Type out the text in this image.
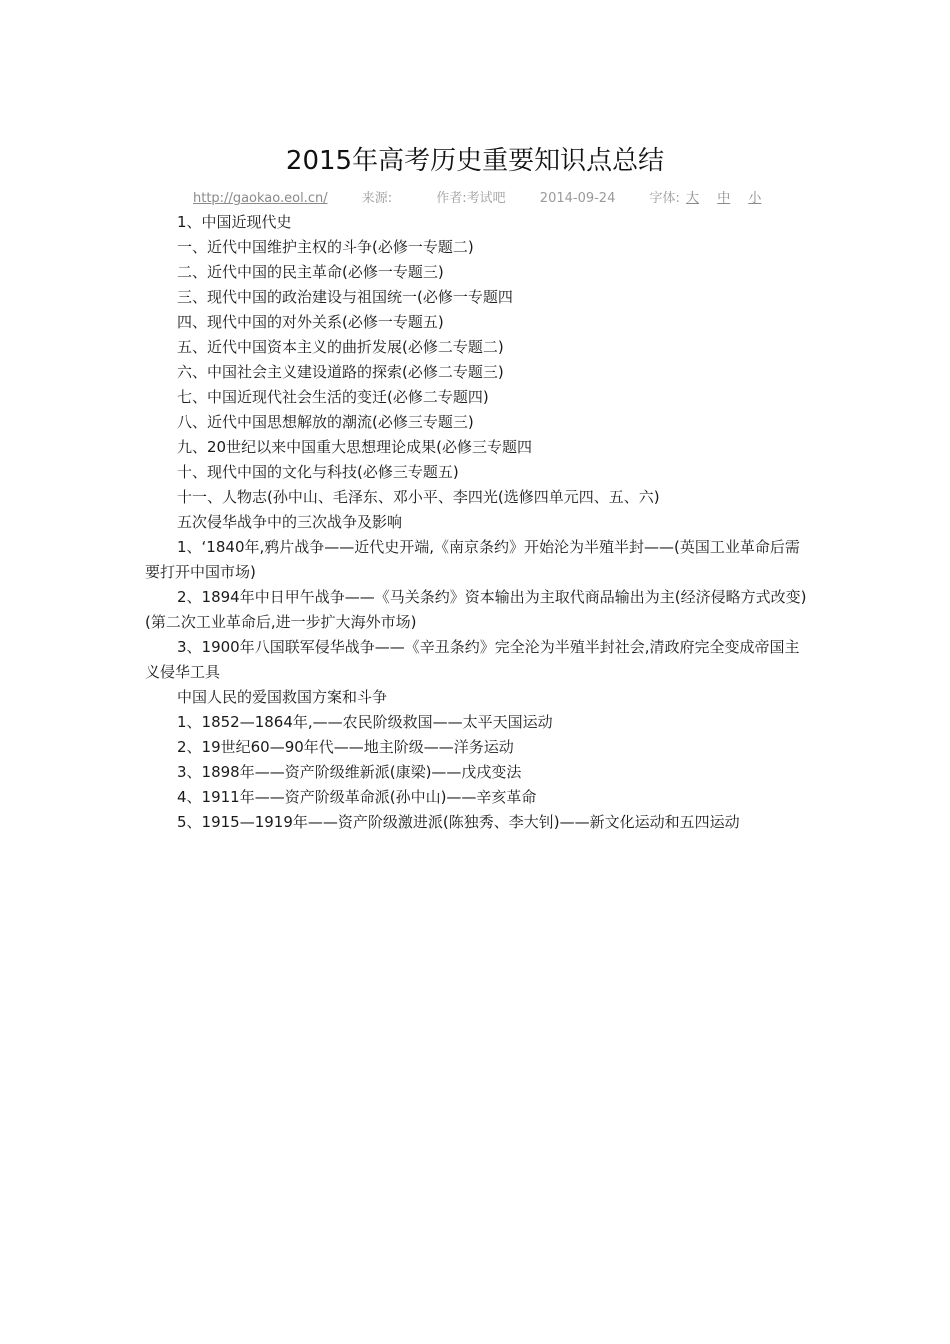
2015年高考历史重要知识点总结
http://gaokao.eol.cn/	来源:	作者:考试吧	2014-09-24	字体: 大 中 小

1、中国近现代史

一、近代中国维护主权的斗争(必修一专题二)

二、近代中国的民主革命(必修一专题三)

三、现代中国的政治建设与祖国统一(必修一专题四

四、现代中国的对外关系(必修一专题五)

五、近代中国资本主义的曲折发展(必修二专题二)

六、中国社会主义建设道路的探索(必修二专题三)

七、中国近现代社会生活的变迁(必修二专题四)

八、近代中国思想解放的潮流(必修三专题三)

九、20世纪以来中国重大思想理论成果(必修三专题四

十、现代中国的文化与科技(必修三专题五)

十一、人物志(孙中山、毛泽东、邓小平、李四光(选修四单元四、五、六)

五次侵华战争中的三次战争及影响

1、‘1840年,鸦片战争——近代史开端,《南京条约》开始沦为半殖半封——(英国工业革命后需要打开中国市场)

2、1894年中日甲午战争——《马关条约》资本输出为主取代商品输出为主(经济侵略方式改变)(第二次工业革命后,进一步扩大海外市场)

3、1900年八国联军侵华战争——《辛丑条约》完全沦为半殖半封社会,清政府完全变成帝国主义侵华工具

中国人民的爱国救国方案和斗争

1、1852—1864年,——农民阶级救国——太平天国运动

2、19世纪60—90年代——地主阶级——洋务运动

3、1898年——资产阶级维新派(康梁)——戊戌变法

4、1911年——资产阶级革命派(孙中山)——辛亥革命

5、1915—1919年——资产阶级激进派(陈独秀、李大钊)——新文化运动和五四运动
